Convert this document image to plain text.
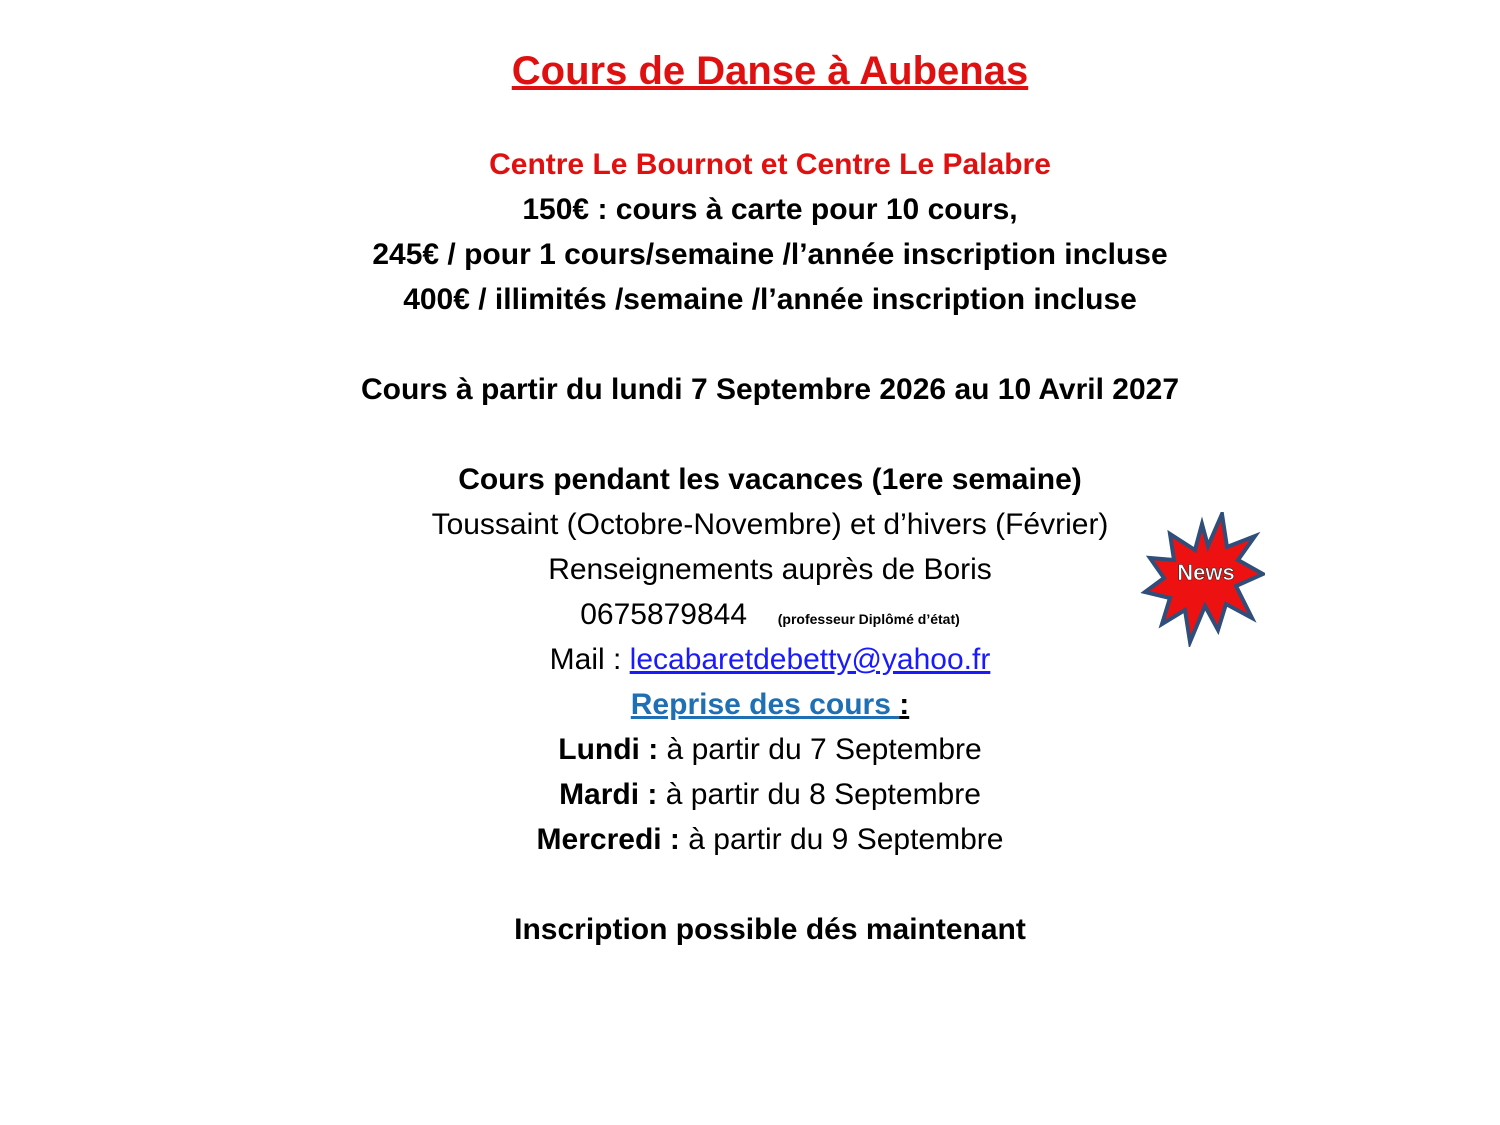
Cours de Danse à Aubenas
Centre Le Bournot et Centre Le Palabre
150€ : cours à carte pour 10 cours,
245€ / pour 1 cours/semaine /l’année inscription incluse
400€ / illimités /semaine /l’année inscription incluse
Cours à partir du lundi 7 Septembre 2026 au 10 Avril 2027
Cours pendant les vacances (1ere semaine)
Toussaint (Octobre-Novembre) et d’hivers (Février)
Renseignements auprès de Boris
0675879844 (professeur Diplômé d’état)
Mail : lecabaretdebetty@yahoo.fr
Reprise des cours :
Lundi : à partir du 7 Septembre
Mardi : à partir du 8 Septembre
Mercredi : à partir du 9 Septembre
Inscription possible dés maintenant
News
